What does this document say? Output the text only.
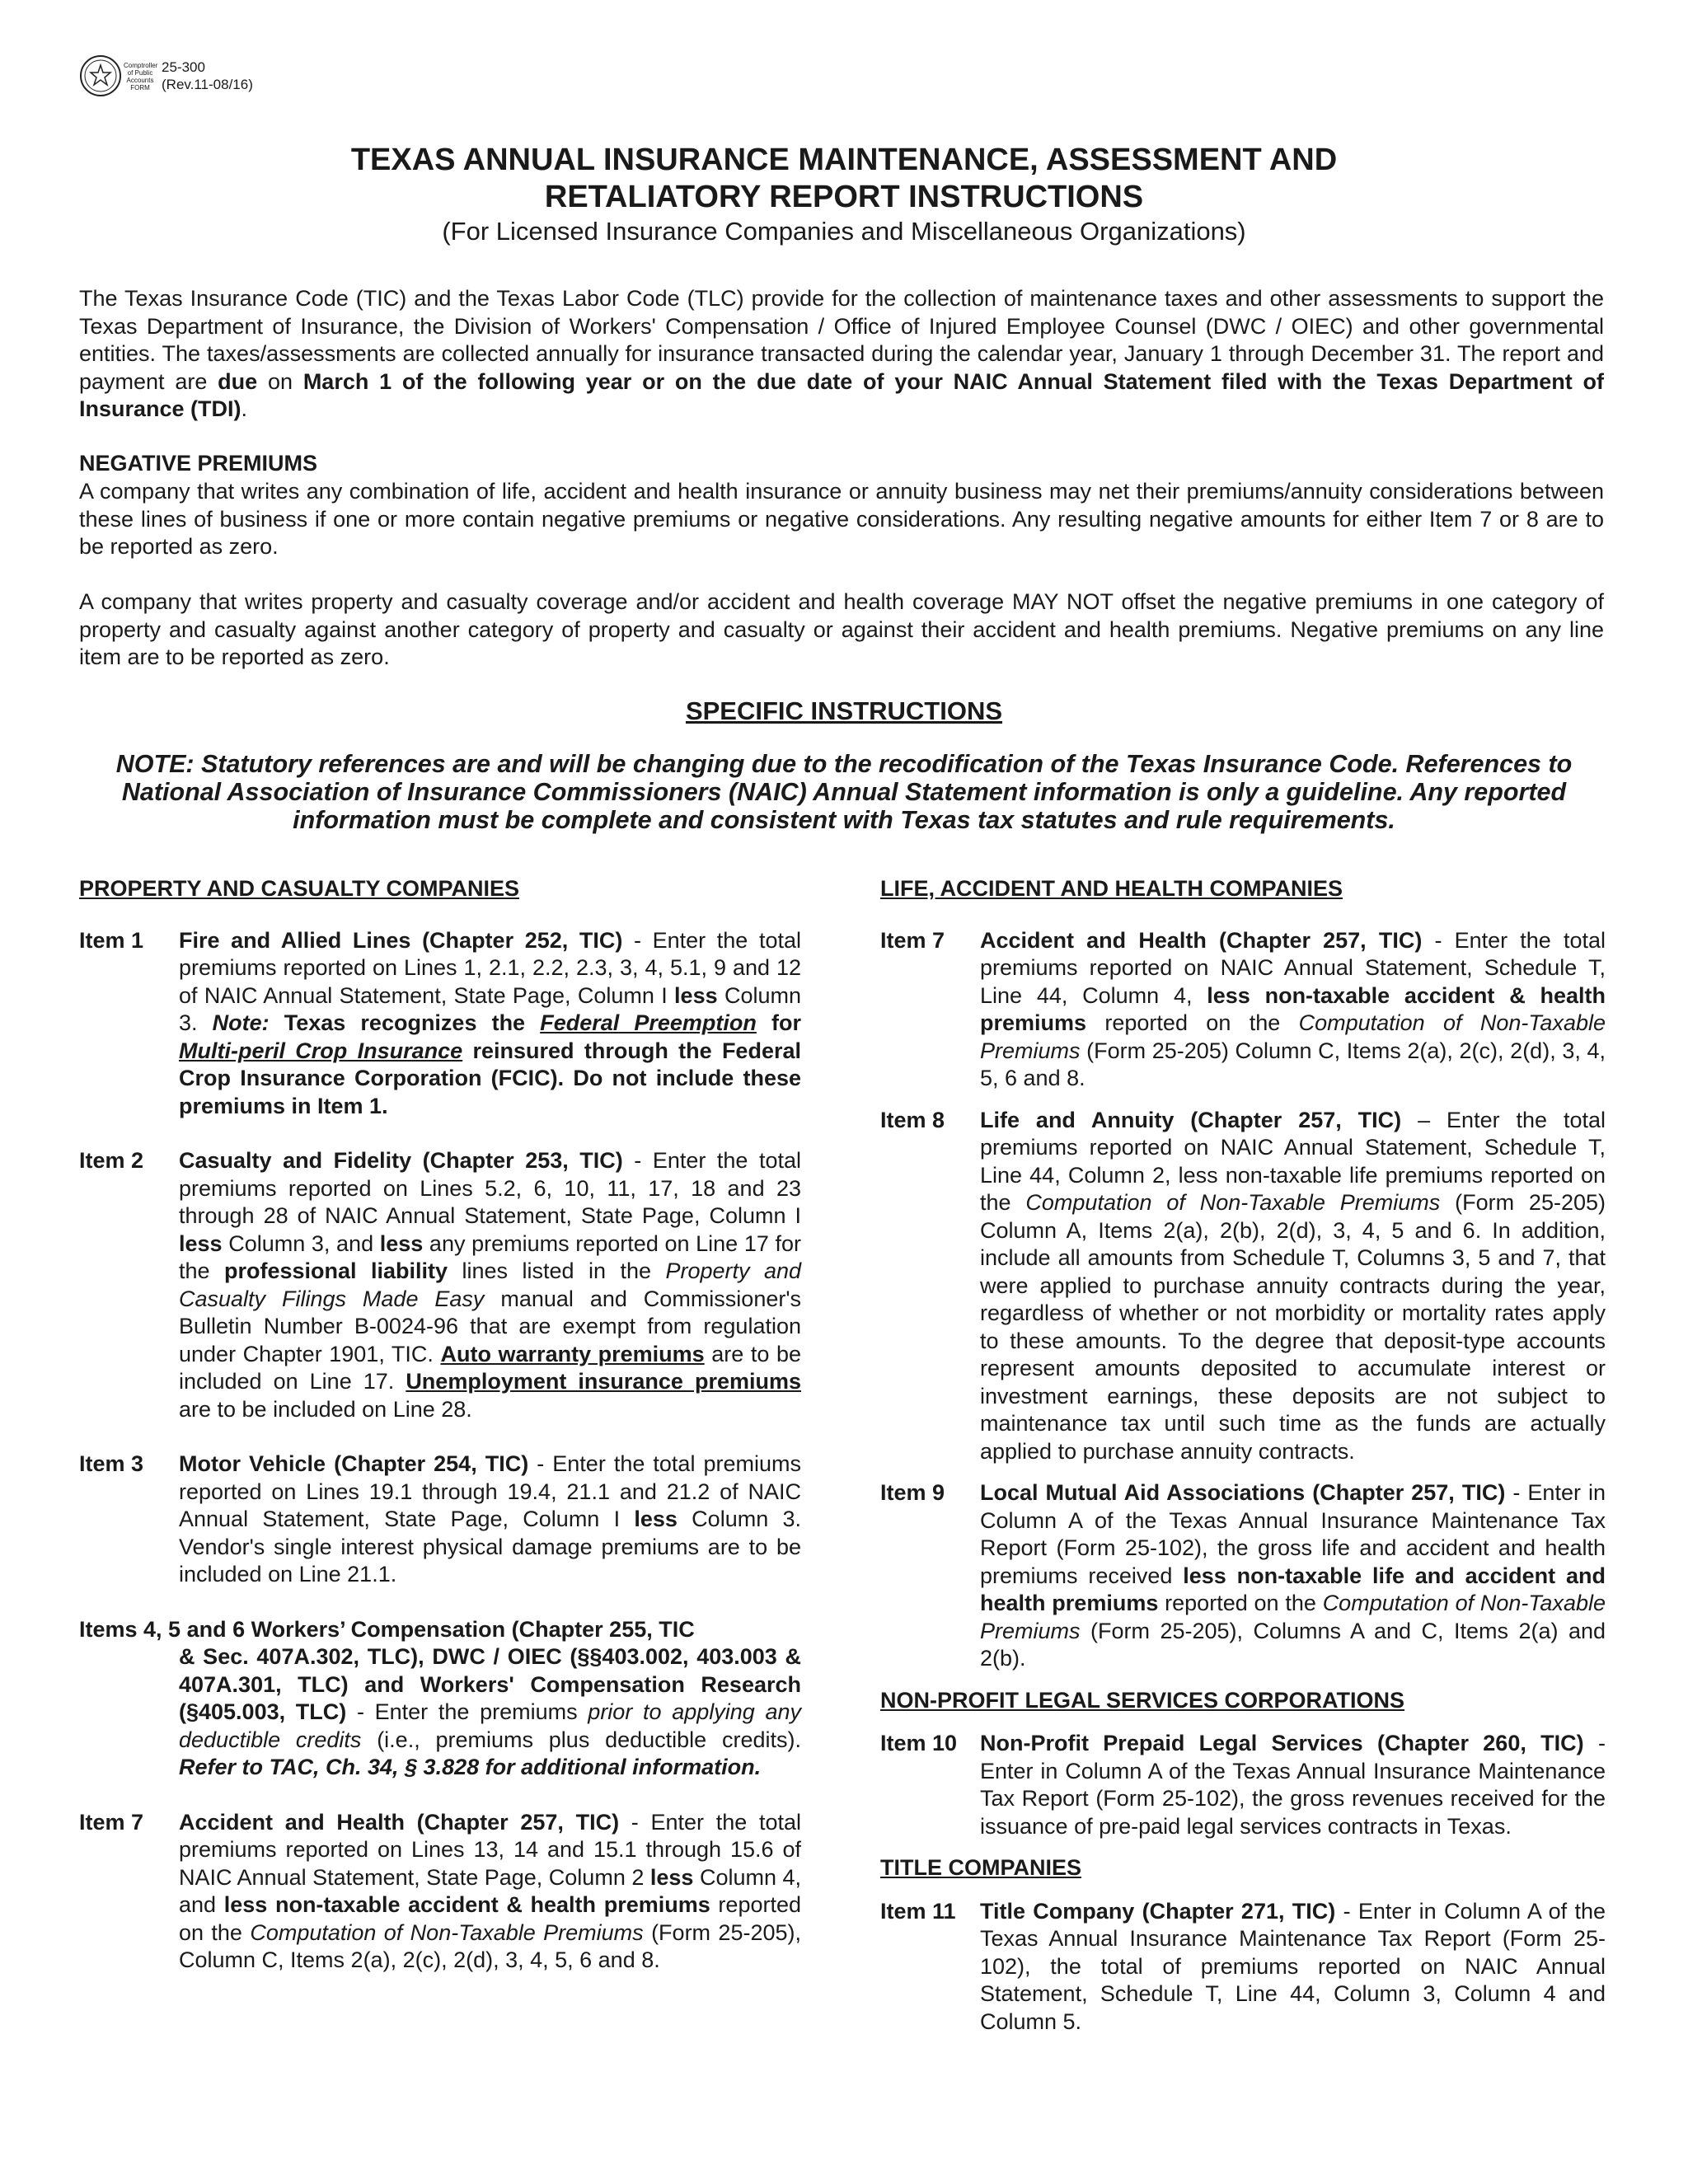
Comptroller
of Public
Accounts
FORM
25-300
(Rev.11-08/16)

TEXAS ANNUAL INSURANCE MAINTENANCE, ASSESSMENT AND

RETALIATORY REPORT INSTRUCTIONS

(For Licensed Insurance Companies and Miscellaneous Organizations)

The Texas Insurance Code (TIC) and the Texas Labor Code (TLC) provide for the collection of maintenance taxes and other assessments to support the Texas Department of Insurance, the Division of Workers' Compensation / Office of Injured Employee Counsel (DWC / OIEC) and other governmental entities. The taxes/assessments are collected annually for insurance transacted during the calendar year, January 1 through December 31. The report and payment are due on March 1 of the following year or on the due date of your NAIC Annual Statement filed with the Texas Department of Insurance (TDI).

NEGATIVE PREMIUMS

A company that writes any combination of life, accident and health insurance or annuity business may net their premiums/annuity considerations between these lines of business if one or more contain negative premiums or negative considerations. Any resulting negative amounts for either Item 7 or 8 are to be reported as zero.

A company that writes property and casualty coverage and/or accident and health coverage MAY NOT offset the negative premiums in one category of property and casualty against another category of property and casualty or against their accident and health premiums. Negative premiums on any line item are to be reported as zero.

SPECIFIC INSTRUCTIONS
NOTE: Statutory references are and will be changing due to the recodification of the Texas Insurance Code. References to National Association of Insurance Commissioners (NAIC) Annual Statement information is only a guideline. Any reported information must be complete and consistent with Texas tax statutes and rule requirements.

PROPERTY AND CASUALTY COMPANIES

Item 1	Fire and Allied Lines (Chapter 252, TIC) - Enter the total premiums reported on Lines 1, 2.1, 2.2, 2.3, 3, 4, 5.1, 9 and 12 of NAIC Annual Statement, State Page, Column I less Column 3. Note: Texas recognizes the Federal Preemption for Multi-peril Crop Insurance reinsured through the Federal Crop Insurance Corporation (FCIC). Do not include these premiums in Item 1.
Item 2	Casualty and Fidelity (Chapter 253, TIC) - Enter the total premiums reported on Lines 5.2, 6, 10, 11, 17, 18 and 23 through 28 of NAIC Annual Statement, State Page, Column I less Column 3, and less any premiums reported on Line 17 for the professional liability lines listed in the Property and Casualty Filings Made Easy manual and Commissioner's Bulletin Number B-0024-96 that are exempt from regulation under Chapter 1901, TIC. Auto warranty premiums are to be included on Line 17. Unemployment insurance premiums are to be included on Line 28.
Item 3	Motor Vehicle (Chapter 254, TIC) - Enter the total premiums reported on Lines 19.1 through 19.4, 21.1 and 21.2 of NAIC Annual Statement, State Page, Column I less Column 3. Vendor's single interest physical damage premiums are to be included on Line 21.1.
Items 4, 5 and 6 Workers’ Compensation (Chapter 255, TIC
& Sec. 407A.302, TLC), DWC / OIEC (§§403.002, 403.003 & 407A.301, TLC) and Workers' Compensation Research (§405.003, TLC) - Enter the premiums prior to applying any deductible credits (i.e., premiums plus deductible credits). Refer to TAC, Ch. 34, § 3.828 for additional information.
Item 7	Accident and Health (Chapter 257, TIC) - Enter the total premiums reported on Lines 13, 14 and 15.1 through 15.6 of NAIC Annual Statement, State Page, Column 2 less Column 4, and less non-taxable accident & health premiums reported on the Computation of Non-Taxable Premiums (Form 25-205), Column C, Items 2(a), 2(c), 2(d), 3, 4, 5, 6 and 8.

LIFE, ACCIDENT AND HEALTH COMPANIES

Item 7	Accident and Health (Chapter 257, TIC) - Enter the total premiums reported on NAIC Annual Statement, Schedule T, Line 44, Column 4, less non-taxable accident & health premiums reported on the Computation of Non-Taxable Premiums (Form 25-205) Column C, Items 2(a), 2(c), 2(d), 3, 4, 5, 6 and 8.
Item 8	Life and Annuity (Chapter 257, TIC) – Enter the total premiums reported on NAIC Annual Statement, Schedule T, Line 44, Column 2, less non-taxable life premiums reported on the Computation of Non-Taxable Premiums (Form 25-205) Column A, Items 2(a), 2(b), 2(d), 3, 4, 5 and 6. In addition, include all amounts from Schedule T, Columns 3, 5 and 7, that were applied to purchase annuity contracts during the year, regardless of whether or not morbidity or mortality rates apply to these amounts. To the degree that deposit-type accounts represent amounts deposited to accumulate interest or investment earnings, these deposits are not subject to maintenance tax until such time as the funds are actually applied to purchase annuity contracts.
Item 9	Local Mutual Aid Associations (Chapter 257, TIC) - Enter in Column A of the Texas Annual Insurance Maintenance Tax Report (Form 25-102), the gross life and accident and health premiums received less non-taxable life and accident and health premiums reported on the Computation of Non-Taxable Premiums (Form 25-205), Columns A and C, Items 2(a) and 2(b).

NON-PROFIT LEGAL SERVICES CORPORATIONS

Item 10	Non-Profit Prepaid Legal Services (Chapter 260, TIC) - Enter in Column A of the Texas Annual Insurance Maintenance Tax Report (Form 25-102), the gross revenues received for the issuance of pre-paid legal services contracts in Texas.

TITLE COMPANIES

Item 11	Title Company (Chapter 271, TIC) - Enter in Column A of the Texas Annual Insurance Maintenance Tax Report (Form 25-102), the total of premiums reported on NAIC Annual Statement, Schedule T, Line 44, Column 3, Column 4 and Column 5.
